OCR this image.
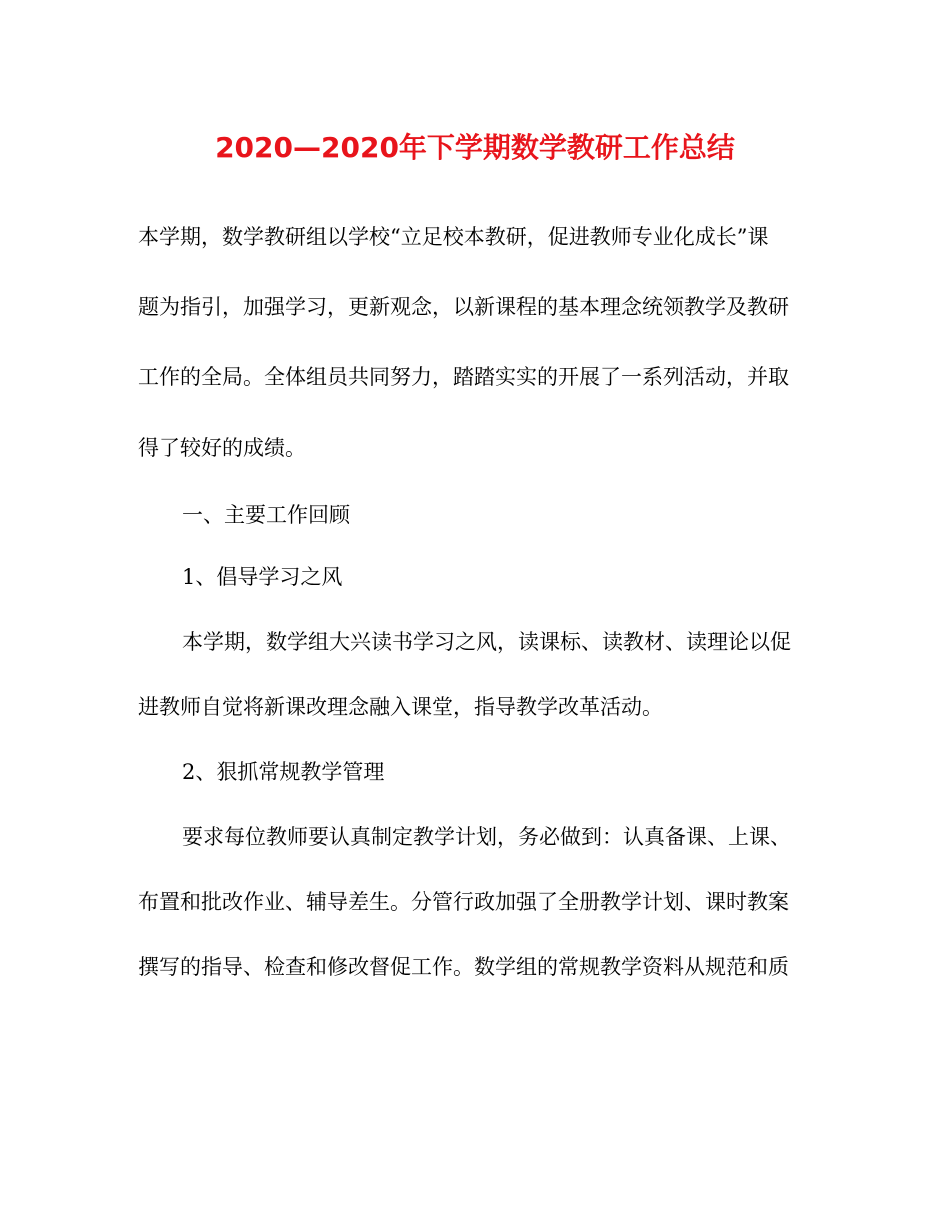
2020—2020年下学期数学教研工作总结

本学期，数学教研组以学校“立足校本教研，促进教师专业化成长”课

题为指引，加强学习，更新观念，以新课程的基本理念统领教学及教研

工作的全局。全体组员共同努力，踏踏实实的开展了一系列活动，并取

得了较好的成绩。

一、主要工作回顾

1、倡导学习之风

本学期，数学组大兴读书学习之风，读课标、读教材、读理论以促

进教师自觉将新课改理念融入课堂，指导教学改革活动。

2、狠抓常规教学管理

要求每位教师要认真制定教学计划，务必做到：认真备课、上课、

布置和批改作业、辅导差生。分管行政加强了全册教学计划、课时教案

撰写的指导、检查和修改督促工作。数学组的常规教学资料从规范和质
